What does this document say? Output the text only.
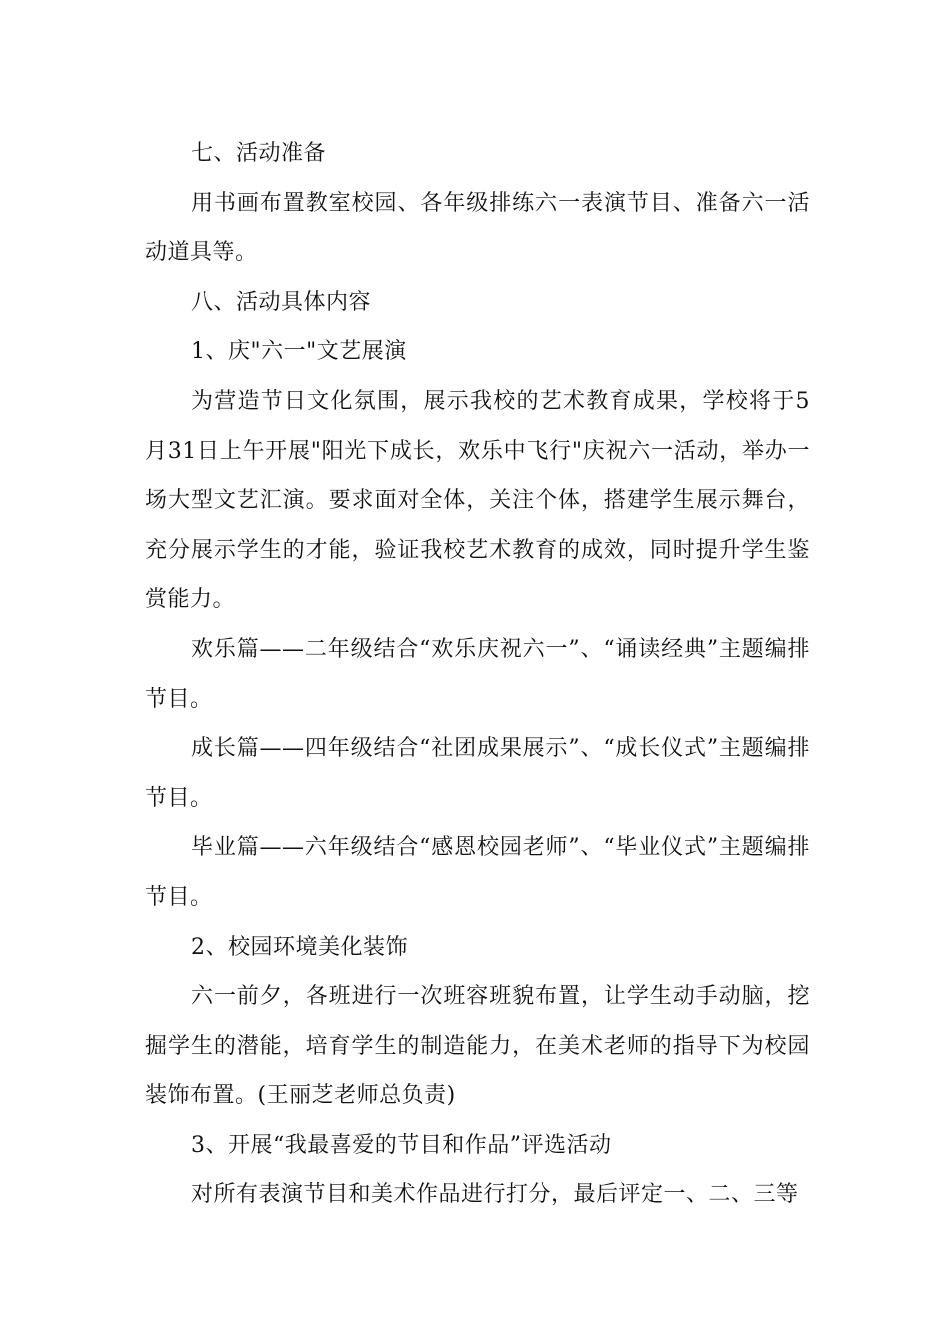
七、活动准备

用书画布置教室校园、各年级排练六一表演节目、准备六一活动道具等。

八、活动具体内容

1、庆"六一"文艺展演

为营造节日文化氛围，展示我校的艺术教育成果，学校将于5月31日上午开展"阳光下成长，欢乐中飞行"庆祝六一活动，举办一场大型文艺汇演。要求面对全体，关注个体，搭建学生展示舞台，充分展示学生的才能，验证我校艺术教育的成效，同时提升学生鉴赏能力。

欢乐篇——二年级结合“欢乐庆祝六一”、“诵读经典”主题编排节目。

成长篇——四年级结合“社团成果展示”、“成长仪式”主题编排节目。

毕业篇——六年级结合“感恩校园老师”、“毕业仪式”主题编排节目。

2、校园环境美化装饰

六一前夕，各班进行一次班容班貌布置，让学生动手动脑，挖掘学生的潜能，培育学生的制造能力，在美术老师的指导下为校园装饰布置。(王丽芝老师总负责)

3、开展“我最喜爱的节目和作品”评选活动

对所有表演节目和美术作品进行打分，最后评定一、二、三等
